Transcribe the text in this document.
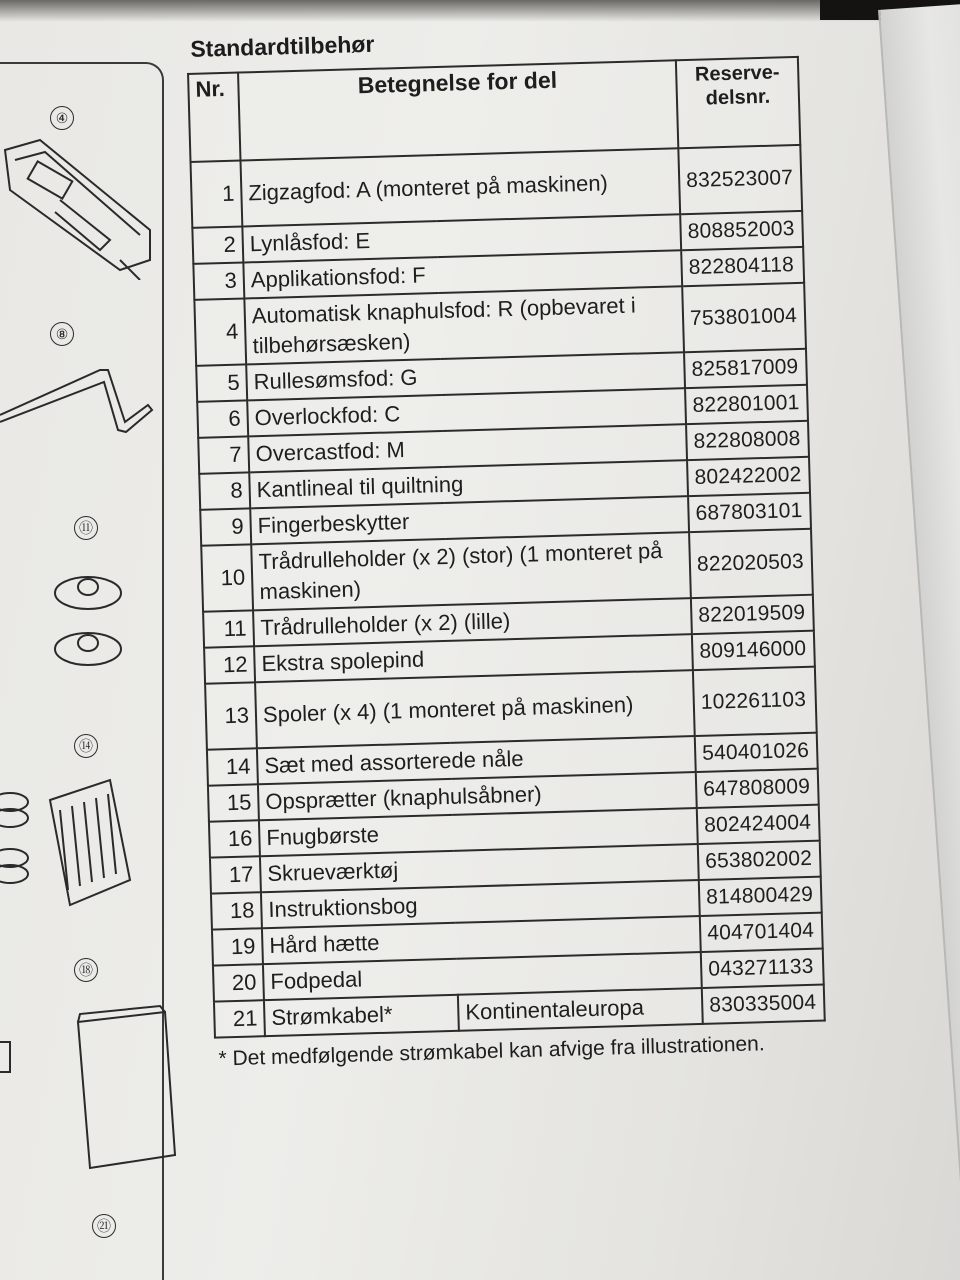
④
⑧
⑪
⑭
⑱
㉑
Standardtilbehør
Nr.	Betegnelse for del		Reserve-delsnr.
1	Zigzagfod: A (monteret på maskinen)		832523007
2	Lynlåsfod: E		808852003
3	Applikationsfod: F		822804118
4	Automatisk knaphulsfod: R (opbevaret i tilbehørsæsken)		753801004
5	Rullesømsfod: G		825817009
6	Overlockfod: C		822801001
7	Overcastfod: M		822808008
8	Kantlineal til quiltning		802422002
9	Fingerbeskytter		687803101
10	Trådrulleholder (x 2) (stor) (1 monteret på maskinen)		822020503
11	Trådrulleholder (x 2) (lille)		822019509
12	Ekstra spolepind		809146000
13	Spoler (x 4) (1 monteret på maskinen)		102261103
14	Sæt med assorterede nåle		540401026
15	Opsprætter (knaphulsåbner)		647808009
16	Fnugbørste		802424004
17	Skrueværktøj		653802002
18	Instruktionsbog		814800429
19	Hård hætte		404701404
20	Fodpedal		043271133
21	Strømkabel*	Kontinentaleuropa	830335004
* Det medfølgende strømkabel kan afvige fra illustrationen.
